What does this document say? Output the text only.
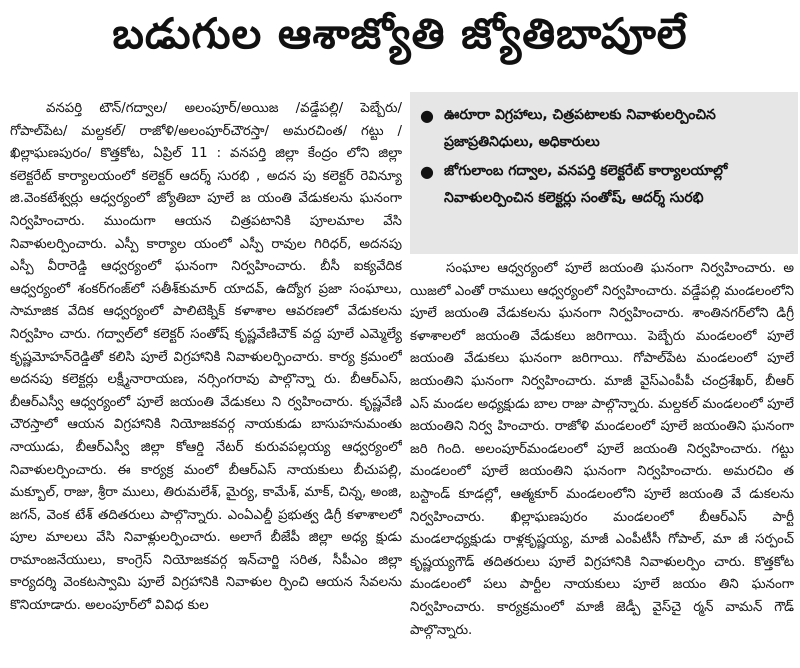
బడుగుల ఆశాజ్యోతి జ్యోతిబాపూలే

వనపర్తి టౌన్/గద్వాల/ అలంపూర్/అయిజ /వడ్డేపల్లి/ పెబ్బేరు/ గోపాల్‌పేట/ మల్దకల్/ రాజోళి/అలంపూర్‌చౌరస్తా/ అమరచింత/ గట్టు /ఖిల్లాఘణపురం/ కొత్తకోట, ఏప్రిల్ 11 : వనపర్తి జిల్లా కేంద్రం లోని జిల్లా కలెక్టరేట్ కార్యాలయంలో కలెక్టర్ ఆదర్శ్ సురభి , అదన పు కలెక్టర్ రెవిన్యూ జి.వెంకటేశ్వర్లు ఆధ్వర్యంలో జ్యోతిబా పూలే జ యంతి వేడుకలను ఘనంగా నిర్వహించారు. ముందుగా ఆయన చిత్రపటానికి పూలమాల వేసి నివాళులర్పించారు. ఎస్పీ కార్యాల యంలో ఎస్పీ రావుల గిరిధర్, అదనపు ఎస్పీ వీరారెడ్డి ఆధ్వర్యంలో ఘనంగా నిర్వహించారు. బీసీ ఐక్యవేదిక ఆధ్వర్యంలో శంకర్‌గంజ్‌లో సతీశ్‌కుమార్ యాదవ్, ఉద్యోగ ప్రజా సంఘాలు, సామాజిక వేదిక ఆధ్వర్యంలో పాలిటెక్నిక్ కళాశాల ఆవరణలో వేడుకలను నిర్వహిం చారు. గద్వాల్‌లో కలెక్టర్ సంతోష్ కృష్ణవేణిచౌక్ వద్ద పూలే ఎమ్మెల్యే కృష్ణమోహన్‌రెడ్డితో కలిసి పూలే విగ్రహానికి నివాళులర్పించారు. కార్య క్రమంలో అదనపు కలెక్టర్లు లక్ష్మీనారాయణ, నర్సింగరావు పాల్గొన్నా రు. బీఆర్ఎస్, బీఆర్ఎస్వీ ఆధ్వర్యంలో పూలే జయంతి వేడుకలు ని ర్వహించారు. కృష్ణవేణి చౌరస్తాలో ఆయన విగ్రహానికి నియోజకవర్గ నాయకుడు బాసుహనుమంతు నాయుడు, బీఆర్ఎస్వీ జిల్లా కోఆర్డి నేటర్ కురువపల్లయ్య ఆధ్వర్యంలో నివాళులర్పించారు. ఈ కార్యక్ర మంలో బీఆర్ఎస్ నాయకులు బీచుపల్లి, మక్బూల్, రాజు, శ్రీరా ములు, తిరుమలేశ్, మైర్య, కామేశ్, మాక్, చిన్న, అంజి, జగన్, వెంక టేశ్ తదితరులు పాల్గొన్నారు. ఎంఏఎల్డీ ప్రభుత్వ డిగ్రీ కళాశాలలో పూల మాలలు వేసి నివాళ్లులర్పించారు. అలాగే బీజేపీ జిల్లా అధ్య క్షుడు రామాంజనేయులు, కాంగ్రెస్ నియోజకవర్గ ఇన్‌చార్జి సరిత, సీపీఎం జిల్లా కార్యదర్శి వెంకటస్వామి పూలే విగ్రహానికి నివాళుల ర్పించి ఆయన సేవలను కొనియాడారు. అలంపూర్‌లో వివిధ కుల

● ఊరూరా విగ్రహాలు, చిత్రపటాలకు నివాళులర్పించిన ప్రజాప్రతినిధులు, అధికారులు
● జోగులాంబ గద్వాల, వనపర్తి కలెక్టరేట్ కార్యాలయాల్లో నివాళులర్పించిన కలెక్టర్లు సంతోష్, ఆదర్శ్ సురభి

సంఘాల ఆధ్వర్యంలో పూలే జయంతి ఘనంగా నిర్వహించారు. అ యిజలో ఎంతో రాములు ఆధ్వర్యంలో నిర్వహించారు. వడ్డేపల్లి మండలంలోని పూలే జయంతి వేడుకలను ఘనంగా నిర్వహించారు. శాంతినగర్‌లోని డిగ్రీ కళాశాలలో జయంతి వేడుకలు జరిగాయి. పెబ్బేరు మండలంలో పూలే జయంతి వేడుకలు ఘనంగా జరిగాయి. గోపాల్‌పేట మండలంలో పూలే జయంతిని ఘనంగా నిర్వహించారు. మాజీ వైస్ఎంపీపీ చంద్రశేఖర్, బీఆర్ ఎస్ మండల అధ్యక్షుడు బాల రాజు పాల్గొన్నారు. మల్దకల్ మండలంలో పూలే జయంతిని నిర్వ హించారు. రాజోళి మండలంలో పూలే జయంతిని ఘనంగా జరి గింది. అలంపూర్‌మండలంలో పూలే జయంతి నిర్వహించారు. గట్టు మండలంలో పూలే జయంతిని ఘనంగా నిర్వహించారు. అమరచిం త బస్టాండ్ కూడల్లో, ఆత్మకూర్ మండలంలోని పూలే జయంతి వే డుకలను నిర్వహించారు. ఖిల్లాఘణపురం మండలంలో బీఆర్ఎస్ పార్టీ మండలాధ్యక్షుడు రాళ్లకృష్ణయ్య, మాజీ ఎంపీటీసీ గోపాల్, మా జీ సర్పంచ్ కృష్ణయ్యగౌడ్ తదితరులు పూలే విగ్రహానికి నివాళులర్పిం చారు. కొత్తకోట మండలంలో పలు పార్టీల నాయకులు పూలే జయం తిని ఘనంగా నిర్వహించారు. కార్యక్రమంలో మాజీ జెడ్పీ వైస్‌చై ర్మన్ వామన్ గౌడ్ పాల్గొన్నారు.
